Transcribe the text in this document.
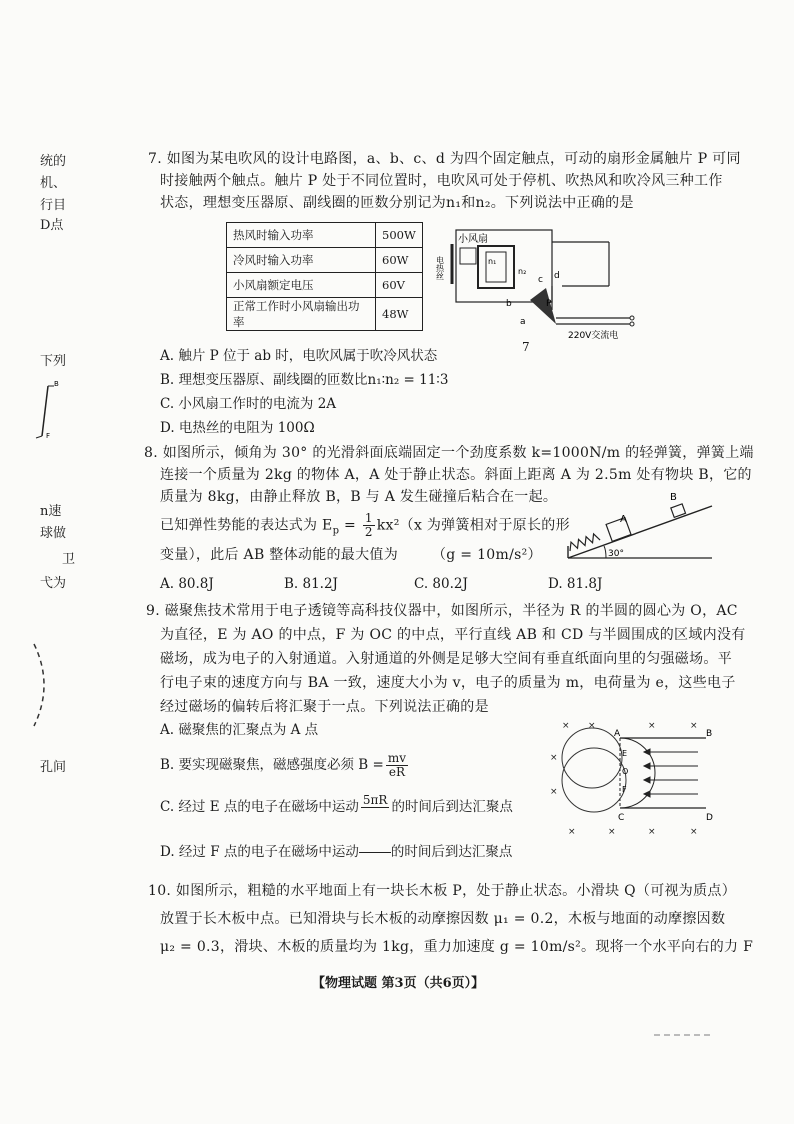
统的
机、
行目
D点
下列
n速
球做
卫
弋为
孔间
B
F
7. 如图为某电吹风的设计电路图，a、b、c、d 为四个固定触点，可动的扇形金属触片 P 可同
时接触两个触点。触片 P 处于不同位置时，电吹风可处于停机、吹热风和吹冷风三种工作
状态，理想变压器原、副线圈的匝数分别记为n₁和n₂。下列说法中正确的是
热风时输入功率	500W
冷风时输入功率	60W
小风扇额定电压	60V
正常工作时小风扇输出功率	48W
小风扇
电热丝	n₁
n₂
P
b
c d
a
220V交流电
7
A. 触片 P 位于 ab 时，电吹风属于吹冷风状态
B. 理想变压器原、副线圈的匝数比n₁∶n₂ = 11∶3
C. 小风扇工作时的电流为 2A
D. 电热丝的电阻为 100Ω
8. 如图所示，倾角为 30° 的光滑斜面底端固定一个劲度系数 k=1000N/m 的轻弹簧，弹簧上端
连接一个质量为 2kg 的物体 A，A 处于静止状态。斜面上距离 A 为 2.5m 处有物块 B，它的
质量为 8kg，由静止释放 B，B 与 A 发生碰撞后粘合在一起。
已知弹性势能的表达式为 $E_p = \frac{1}{2} kx^2(x$ 为弹簧相对于原长的形
变量），此后 AB 整体动能的最大值为 （g = 10m/s²）
A
B
30°
A. 80.8J	B. 81.2J	C. 80.2J	D. 81.8J
9. 磁聚焦技术常用于电子透镜等高科技仪器中，如图所示，半径为 R 的半圆的圆心为 O，AC
为直径，E 为 AO 的中点，F 为 OC 的中点，平行直线 AB 和 CD 与半圆围成的区域内没有
磁场，成为电子的入射通道。入射通道的外侧是足够大空间有垂直纸面向里的匀强磁场。平
行电子束的速度方向与 BA 一致，速度大小为 v，电子的质量为 m，电荷量为 e，这些电子
经过磁场的偏转后将汇聚于一点。下列说法正确的是
A. 磁聚焦的汇聚点为 A 点
B. 要实现磁聚焦，磁感强度必须 $B = \frac{mv}{eR}$
C. 经过 E 点的电子在磁场中运动 5πR
的时间后到达汇聚点
D. 经过 F 点的电子在磁场中运动 的时间后到达汇聚点
× ×	×	×
×
×
×	×	×	×
A	B
E
O
F
C	D
10. 如图所示，粗糙的水平地面上有一块长木板 P，处于静止状态。小滑块 Q（可视为质点）
放置于长木板中点。已知滑块与长木板的动摩擦因数 μ₁ = 0.2，木板与地面的动摩擦因数
μ₂ = 0.3，滑块、木板的质量均为 1kg，重力加速度 g = 10m/s²。现将一个水平向右的力 F
【物理试题 第3页（共6页）】
